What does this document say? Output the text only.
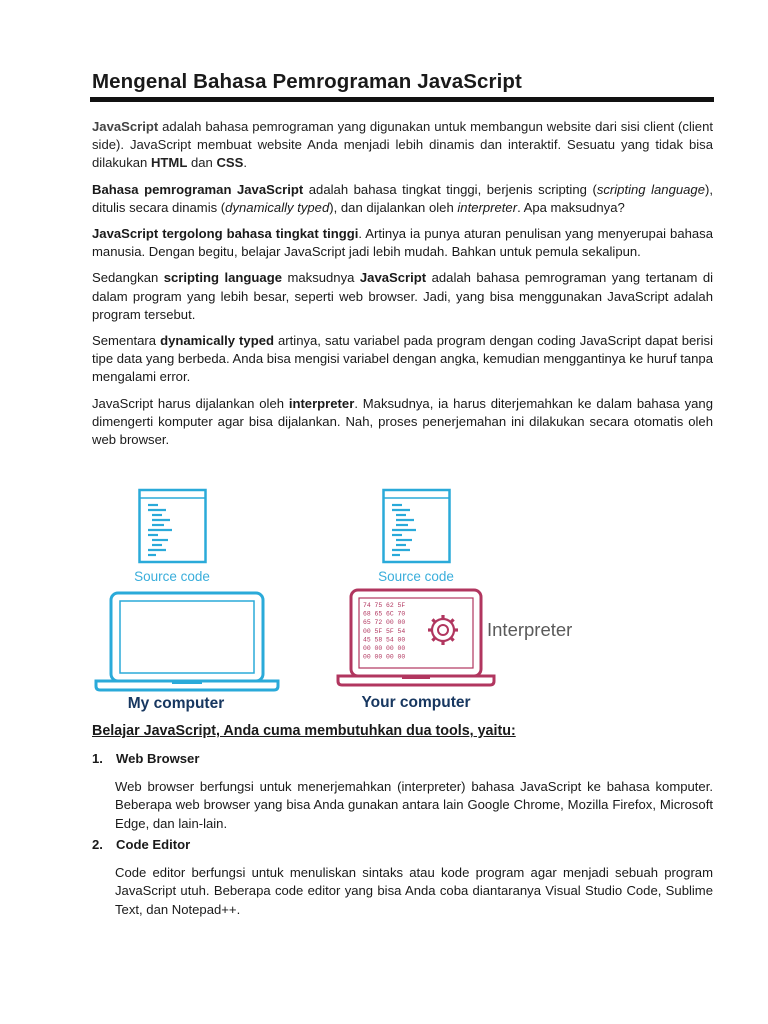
Mengenal Bahasa Pemrograman JavaScript

JavaScript adalah bahasa pemrograman yang digunakan untuk membangun website dari sisi client (client side). JavaScript membuat website Anda menjadi lebih dinamis dan interaktif. Sesuatu yang tidak bisa dilakukan HTML dan CSS.

Bahasa pemrograman JavaScript adalah bahasa tingkat tinggi, berjenis scripting (scripting language), ditulis secara dinamis (dynamically typed), dan dijalankan oleh interpreter. Apa maksudnya?

JavaScript tergolong bahasa tingkat tinggi. Artinya ia punya aturan penulisan yang menyerupai bahasa manusia. Dengan begitu, belajar JavaScript jadi lebih mudah. Bahkan untuk pemula sekalipun.

Sedangkan scripting language maksudnya JavaScript adalah bahasa pemrograman yang tertanam di dalam program yang lebih besar, seperti web browser. Jadi, yang bisa menggunakan JavaScript adalah program tersebut.

Sementara dynamically typed artinya, satu variabel pada program dengan coding JavaScript dapat berisi tipe data yang berbeda. Anda bisa mengisi variabel dengan angka, kemudian menggantinya ke huruf tanpa mengalami error.

JavaScript harus dijalankan oleh interpreter. Maksudnya, ia harus diterjemahkan ke dalam bahasa yang dimengerti komputer agar bisa dijalankan. Nah, proses penerjemahan ini dilakukan secara otomatis oleh web browser.

Source code
My computer
Source code
74 75 62 5F
68 65 6C 70
65 72 00 00
00 5F 5F 54
45 58 54 00
00 00 00 00
00 00 00 00
Interpreter
Your computer
Belajar JavaScript, Anda cuma membutuhkan dua tools, yaitu:
1. Web Browser
Web browser berfungsi untuk menerjemahkan (interpreter) bahasa JavaScript ke bahasa komputer. Beberapa web browser yang bisa Anda gunakan antara lain Google Chrome, Mozilla Firefox, Microsoft Edge, dan lain-lain.
2. Code Editor
Code editor berfungsi untuk menuliskan sintaks atau kode program agar menjadi sebuah program JavaScript utuh. Beberapa code editor yang bisa Anda coba diantaranya Visual Studio Code, Sublime Text, dan Notepad++.
